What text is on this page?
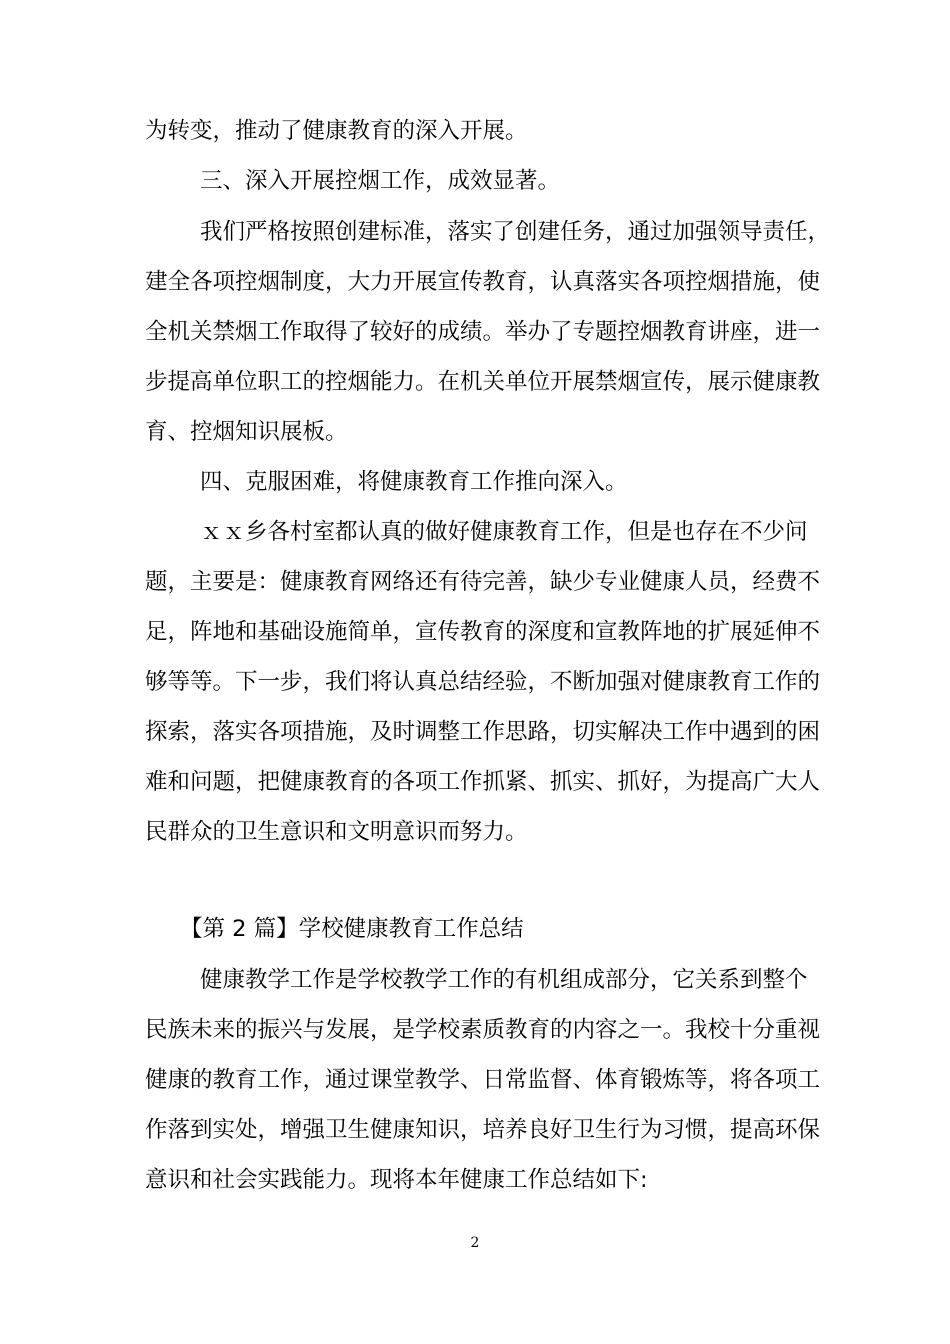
为转变，推动了健康教育的深入开展。
三、深入开展控烟工作，成效显著。
我们严格按照创建标准，落实了创建任务，通过加强领导责任，
建全各项控烟制度，大力开展宣传教育，认真落实各项控烟措施，使
全机关禁烟工作取得了较好的成绩。举办了专题控烟教育讲座，进一
步提高单位职工的控烟能力。在机关单位开展禁烟宣传，展示健康教
育、控烟知识展板。
四、克服困难，将健康教育工作推向深入。
ｘｘ乡各村室都认真的做好健康教育工作，但是也存在不少问
题，主要是：健康教育网络还有待完善，缺少专业健康人员，经费不
足，阵地和基础设施简单，宣传教育的深度和宣教阵地的扩展延伸不
够等等。下一步，我们将认真总结经验，不断加强对健康教育工作的
探索，落实各项措施，及时调整工作思路，切实解决工作中遇到的困
难和问题，把健康教育的各项工作抓紧、抓实、抓好，为提高广大人
民群众的卫生意识和文明意识而努力。
【第 2 篇】学校健康教育工作总结
健康教学工作是学校教学工作的有机组成部分，它关系到整个
民族未来的振兴与发展，是学校素质教育的内容之一。我校十分重视
健康的教育工作，通过课堂教学、日常监督、体育锻炼等，将各项工
作落到实处，增强卫生健康知识，培养良好卫生行为习惯，提高环保
意识和社会实践能力。现将本年健康工作总结如下:
2
